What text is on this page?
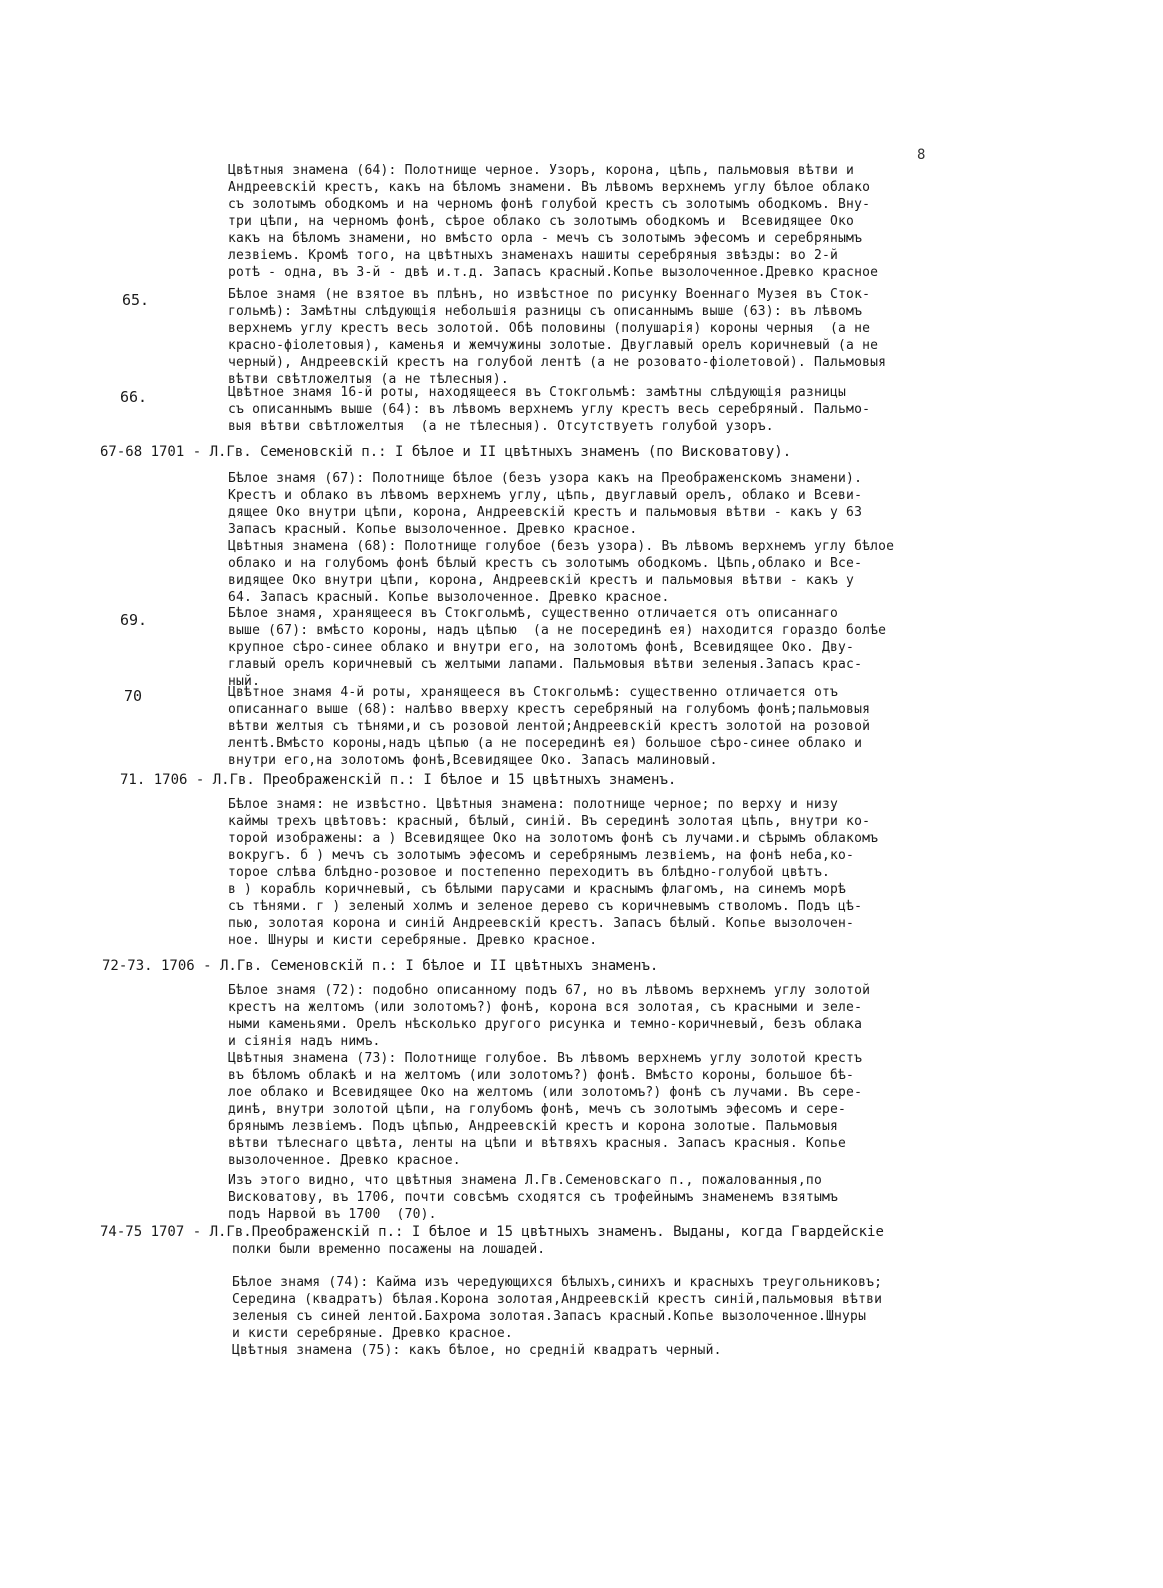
8
Цвѣтныя знамена (64): Полотнище черное. Узоръ, корона, цѣпь, пальмовыя вѣтви и
Андреевскій крестъ, какъ на бѣломъ знамени. Въ лѣвомъ верхнемъ углу бѣлое облако
съ золотымъ ободкомъ и на черномъ фонѣ голубой крестъ съ золотымъ ободкомъ. Вну-
три цѣпи, на черномъ фонѣ, сѣрое облако съ золотымъ ободкомъ и  Всевидящее Око
какъ на бѣломъ знамени, но вмѣсто орла - мечъ съ золотымъ эфесомъ и серебрянымъ
лезвіемъ. Кромѣ того, на цвѣтныхъ знаменахъ нашиты серебряныя звѣзды: во 2-й
ротѣ - одна, въ 3-й - двѣ и.т.д. Запасъ красный.Копье вызолоченное.Древко красное
65.	Бѣлое знамя (не взятое въ плѣнъ, но извѣстное по рисунку Военнаго Музея въ Сток-
гольмѣ): Замѣтны слѣдующія небольшія разницы съ описаннымъ выше (63): въ лѣвомъ
верхнемъ углу крестъ весь золотой. Обѣ половины (полушарія) короны черныя  (а не
красно-фіолетовыя), каменья и жемчужины золотые. Двуглавый орелъ коричневый (а не
черный), Андреевскій крестъ на голубой лентѣ (а не розовато-фіолетовой). Пальмовыя
вѣтви свѣтложелтыя (а не тѣлесныя).
66.	Цвѣтное знамя 16-й роты, находящееся въ Стокгольмѣ: замѣтны слѣдующія разницы
съ описаннымъ выше (64): въ лѣвомъ верхнемъ углу крестъ весь серебряный. Пальмо-
выя вѣтви свѣтложелтыя  (а не тѣлесныя). Отсутствуетъ голубой узоръ.
67-68 1701 - Л.Гв. Семеновскій п.: I бѣлое и II цвѣтныхъ знаменъ (по Висковатову).
Бѣлое знамя (67): Полотнище бѣлое (безъ узора какъ на Преображенскомъ знамени).
Крестъ и облако въ лѣвомъ верхнемъ углу, цѣпь, двуглавый орелъ, облако и Всеви-
дящее Око внутри цѣпи, корона, Андреевскій крестъ и пальмовыя вѣтви - какъ у 63
Запасъ красный. Копье вызолоченное. Древко красное.
Цвѣтныя знамена (68): Полотнище голубое (безъ узора). Въ лѣвомъ верхнемъ углу бѣлое
облако и на голубомъ фонѣ бѣлый крестъ съ золотымъ ободкомъ. Цѣпь,облако и Все-
видящее Око внутри цѣпи, корона, Андреевскій крестъ и пальмовыя вѣтви - какъ у
64. Запасъ красный. Копье вызолоченное. Древко красное.
69.	Бѣлое знамя, хранящееся въ Стокгольмѣ, существенно отличается отъ описаннаго
выше (67): вмѣсто короны, надъ цѣпью  (а не посерединѣ ея) находится гораздо болѣе
крупное сѣро-синее облако и внутри его, на золотомъ фонѣ, Всевидящее Око. Дву-
главый орелъ коричневый съ желтыми лапами. Пальмовыя вѣтви зеленыя.Запасъ крас-
ный.
70	Цвѣтное знамя 4-й роты, хранящееся въ Стокгольмѣ: существенно отличается отъ
описаннаго выше (68): налѣво вверху крестъ серебряный на голубомъ фонѣ;пальмовыя
вѣтви желтыя съ тѣнями,и съ розовой лентой;Андреевскій крестъ золотой на розовой
лентѣ.Вмѣсто короны,надъ цѣпью (а не посерединѣ ея) большое сѣро-синее облако и
внутри его,на золотомъ фонѣ,Всевидящее Око. Запасъ малиновый.
71. 1706 - Л.Гв. Преображенскій п.: I бѣлое и 15 цвѣтныхъ знаменъ.
Бѣлое знамя: не извѣстно. Цвѣтныя знамена: полотнище черное; по верху и низу
каймы трехъ цвѣтовъ: красный, бѣлый, синій. Въ серединѣ золотая цѣпь, внутри ко-
торой изображены: а ) Всевидящее Око на золотомъ фонѣ съ лучами.и сѣрымъ облакомъ
вокругъ. б ) мечъ съ золотымъ эфесомъ и серебрянымъ лезвіемъ, на фонѣ неба,ко-
торое слѣва блѣдно-розовое и постепенно переходитъ въ блѣдно-голубой цвѣтъ.
в ) корабль коричневый, съ бѣлыми парусами и краснымъ флагомъ, на синемъ морѣ
съ тѣнями. г ) зеленый холмъ и зеленое дерево съ коричневымъ стволомъ. Подъ цѣ-
пью, золотая корона и синій Андреевскій крестъ. Запасъ бѣлый. Копье вызолочен-
ное. Шнуры и кисти серебряные. Древко красное.
72-73. 1706 - Л.Гв. Семеновскій п.: I бѣлое и II цвѣтныхъ знаменъ.
Бѣлое знамя (72): подобно описанному подъ 67, но въ лѣвомъ верхнемъ углу золотой
крестъ на желтомъ (или золотомъ?) фонѣ, корона вся золотая, съ красными и зеле-
ными каменьями. Орелъ нѣсколько другого рисунка и темно-коричневый, безъ облака
и сіянія надъ нимъ.
Цвѣтныя знамена (73): Полотнище голубое. Въ лѣвомъ верхнемъ углу золотой крестъ
въ бѣломъ облакѣ и на желтомъ (или золотомъ?) фонѣ. Вмѣсто короны, большое бѣ-
лое облако и Всевидящее Око на желтомъ (или золотомъ?) фонѣ съ лучами. Въ сере-
динѣ, внутри золотой цѣпи, на голубомъ фонѣ, мечъ съ золотымъ эфесомъ и сере-
брянымъ лезвіемъ. Подъ цѣпью, Андреевскій крестъ и корона золотые. Пальмовыя
вѣтви тѣлеснаго цвѣта, ленты на цѣпи и вѣтвяхъ красныя. Запасъ красныя. Копье
вызолоченное. Древко красное.
Изъ этого видно, что цвѣтныя знамена Л.Гв.Семеновскаго п., пожалованныя,по
Висковатову, въ 1706, почти совсѣмъ сходятся съ трофейнымъ знаменемъ взятымъ
подъ Нарвой въ 1700  (70).
74-75 1707 - Л.Гв.Преображенскій п.: I бѣлое и 15 цвѣтныхъ знаменъ. Выданы, когда Гвардейскіе
полки были временно посажены на лошадей.
Бѣлое знамя (74): Кайма изъ чередующихся бѣлыхъ,синихъ и красныхъ треугольниковъ;
Середина (квадратъ) бѣлая.Корона золотая,Андреевскій крестъ синій,пальмовыя вѣтви
зеленыя съ синей лентой.Бахрома золотая.Запасъ красный.Копье вызолоченное.Шнуры
и кисти серебряные. Древко красное.
Цвѣтныя знамена (75): какъ бѣлое, но средній квадратъ черный.
